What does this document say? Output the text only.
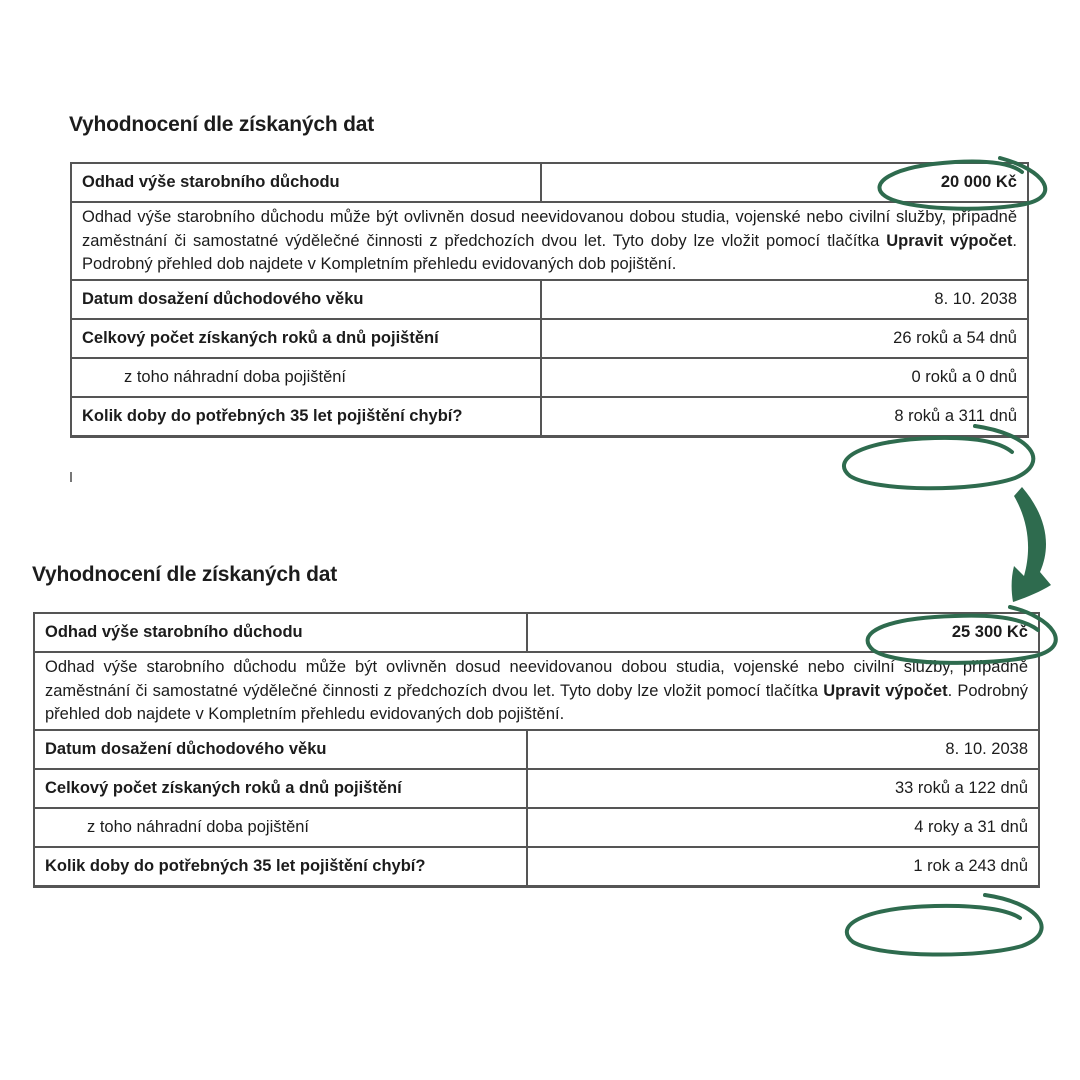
Vyhodnocení dle získaných dat
Odhad výše starobního důchodu	20 000 Kč
Odhad výše starobního důchodu může být ovlivněn dosud neevidovanou dobou studia, vojenské nebo civilní služby, případně zaměstnání či samostatné výdělečné činnosti z předchozích dvou let. Tyto doby lze vložit pomocí tlačítka Upravit výpočet. Podrobný přehled dob najdete v Kompletním přehledu evidovaných dob pojištění.	
Datum dosažení důchodového věku	8. 10. 2038
Celkový počet získaných roků a dnů pojištění	26 roků a 54 dnů
z toho náhradní doba pojištění	0 roků a 0 dnů
Kolik doby do potřebných 35 let pojištění chybí?	8 roků a 311 dnů
Vyhodnocení dle získaných dat
Odhad výše starobního důchodu	25 300 Kč
Odhad výše starobního důchodu může být ovlivněn dosud neevidovanou dobou studia, vojenské nebo civilní služby, případně zaměstnání či samostatné výdělečné činnosti z předchozích dvou let. Tyto doby lze vložit pomocí tlačítka Upravit výpočet. Podrobný přehled dob najdete v Kompletním přehledu evidovaných dob pojištění.	
Datum dosažení důchodového věku	8. 10. 2038
Celkový počet získaných roků a dnů pojištění	33 roků a 122 dnů
z toho náhradní doba pojištění	4 roky a 31 dnů
Kolik doby do potřebných 35 let pojištění chybí?	1 rok a 243 dnů
